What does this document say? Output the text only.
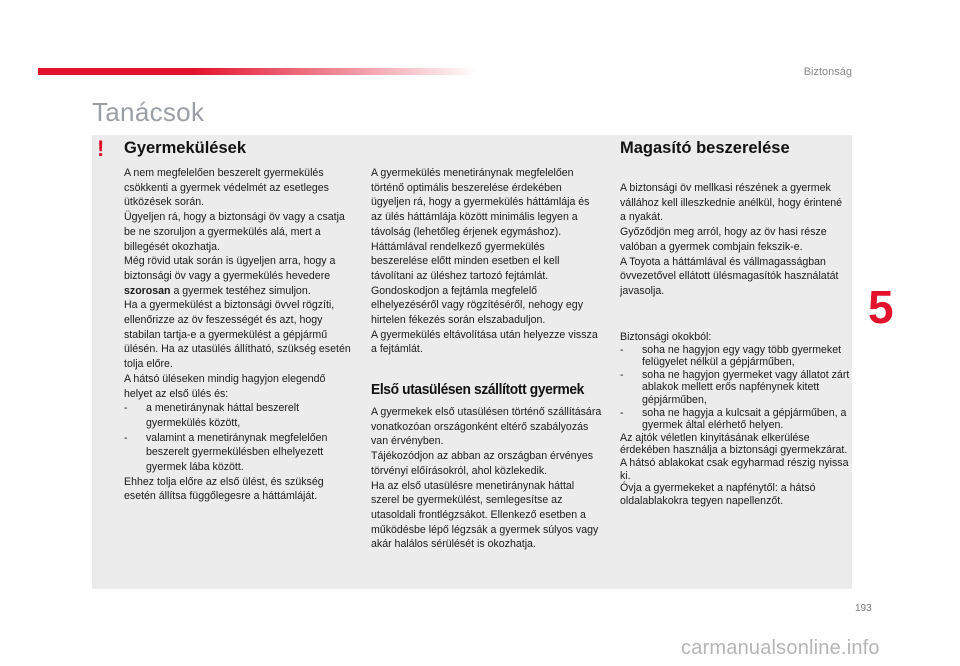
Biztonság
Tanácsok
! Gyermekülések

A nem megfelelően beszerelt gyermekülés csökkenti a gyermek védelmét az esetleges ütközések során.

Ügyeljen rá, hogy a biztonsági öv vagy a csatja be ne szoruljon a gyermekülés alá, mert a billegését okozhatja.

Még rövid utak során is ügyeljen arra, hogy a biztonsági öv vagy a gyermekülés hevedere szorosan a gyermek testéhez simuljon.

Ha a gyermekülést a biztonsági övvel rögzíti, ellenőrizze az öv feszességét és azt, hogy stabilan tartja-e a gyermekülést a gépjármű ülésén. Ha az utasülés állítható, szükség esetén tolja előre.

A hátsó üléseken mindig hagyjon elegendő helyet az első ülés és:

-	a menetiránynak háttal beszerelt gyermekülés között,
-	valamint a menetiránynak megfelelően beszerelt gyermekülésben elhelyezett gyermek lába között.

Ehhez tolja előre az első ülést, és szükség esetén állítsa függőlegesre a háttámláját.

A gyermekülés menetiránynak megfelelően történő optimális beszerelése érdekében ügyeljen rá, hogy a gyermekülés háttámlája és az ülés háttámlája között minimális legyen a távolság (lehetőleg érjenek egymáshoz).

Háttámlával rendelkező gyermekülés beszerelése előtt minden esetben el kell távolítani az üléshez tartozó fejtámlát.

Gondoskodjon a fejtámla megfelelő elhelyezéséről vagy rögzítéséről, nehogy egy hirtelen fékezés során elszabaduljon.

A gyermekülés eltávolítása után helyezze vissza a fejtámlát.

Első utasülésen szállított gyermek

A gyermekek első utasülésen történő szállítására vonatkozóan országonként eltérő szabályozás van érvényben.

Tájékozódjon az abban az országban érvényes törvényi előírásokról, ahol közlekedik.

Ha az első utasülésre menetiránynak háttal szerel be gyermekülést, semlegesítse az utasoldali frontlégzsákot. Ellenkező esetben a működésbe lépő légzsák a gyermek súlyos vagy akár halálos sérülését is okozhatja.

Magasító beszerelése

A biztonsági öv mellkasi részének a gyermek vállához kell illeszkednie anélkül, hogy érintené a nyakát.

Győződjön meg arról, hogy az öv hasi része valóban a gyermek combjain fekszik-e.

A Toyota a háttámlával és vállmagasságban övvezetővel ellátott ülésmagasítók használatát javasolja.

Biztonsági okokból:

-	soha ne hagyjon egy vagy több gyermeket felügyelet nélkül a gépjárműben,
-	soha ne hagyjon gyermeket vagy állatot zárt ablakok mellett erős napfénynek kitett gépjárműben,
-	soha ne hagyja a kulcsait a gépjárműben, a gyermek által elérhető helyen.

Az ajtók véletlen kinyitásának elkerülése érdekében használja a biztonsági gyermekzárat.

A hátsó ablakokat csak egyharmad részig nyissa ki.

Óvja a gyermekeket a napfénytől: a hátsó oldalablakokra tegyen napellenzőt.

5
193
carmanualsonline.info
